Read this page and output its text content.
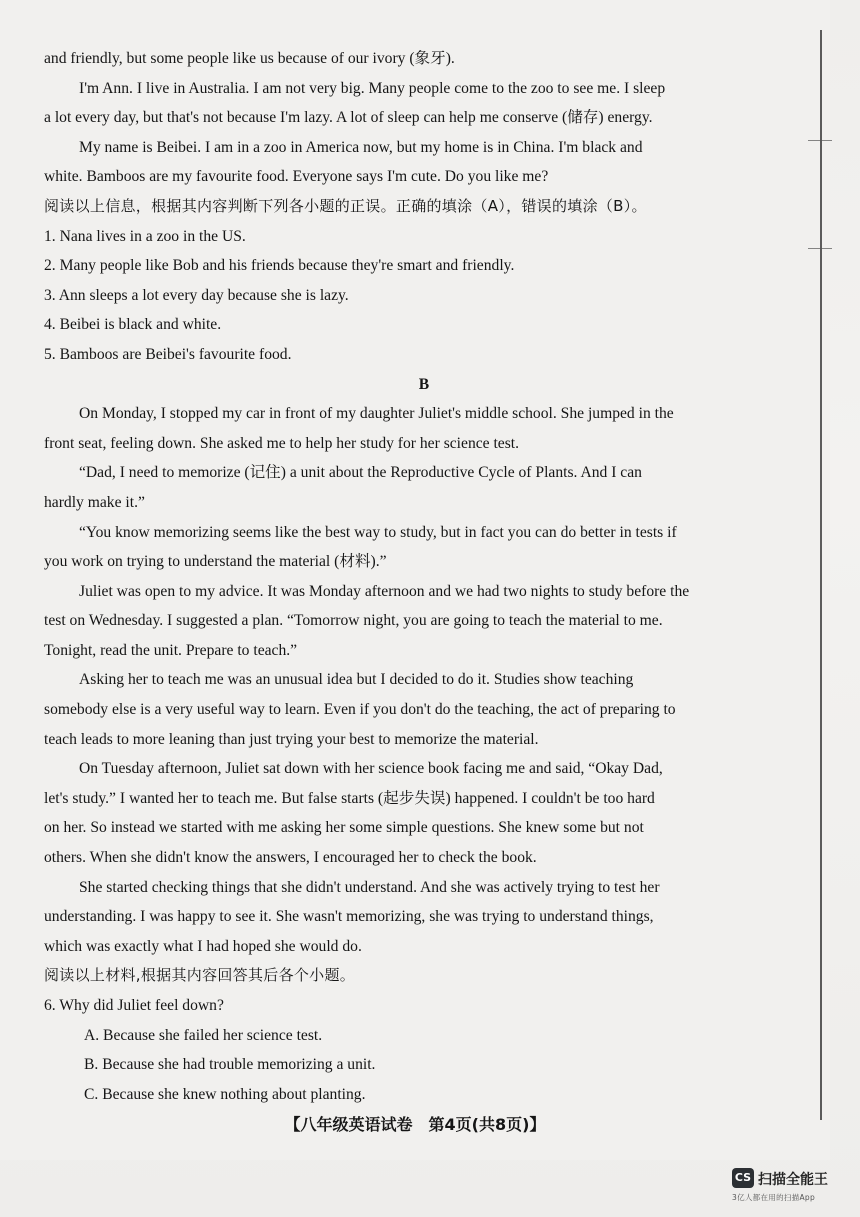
and friendly, but some people like us because of our ivory (象牙).

I'm Ann. I live in Australia. I am not very big. Many people come to the zoo to see me. I sleep

a lot every day, but that's not because I'm lazy. A lot of sleep can help me conserve (储存) energy.

My name is Beibei. I am in a zoo in America now, but my home is in China. I'm black and

white. Bamboos are my favourite food. Everyone says I'm cute. Do you like me?

阅读以上信息，根据其内容判断下列各小题的正误。正确的填涂（A），错误的填涂（B）。

1. Nana lives in a zoo in the US.

2. Many people like Bob and his friends because they're smart and friendly.

3. Ann sleeps a lot every day because she is lazy.

4. Beibei is black and white.

5. Bamboos are Beibei's favourite food.

B

On Monday, I stopped my car in front of my daughter Juliet's middle school. She jumped in the

front seat, feeling down. She asked me to help her study for her science test.

“Dad, I need to memorize (记住) a unit about the Reproductive Cycle of Plants. And I can

hardly make it.”

“You know memorizing seems like the best way to study, but in fact you can do better in tests if

you work on trying to understand the material (材料).”

Juliet was open to my advice. It was Monday afternoon and we had two nights to study before the

test on Wednesday. I suggested a plan. “Tomorrow night, you are going to teach the material to me.

Tonight, read the unit. Prepare to teach.”

Asking her to teach me was an unusual idea but I decided to do it. Studies show teaching

somebody else is a very useful way to learn. Even if you don't do the teaching, the act of preparing to

teach leads to more leaning than just trying your best to memorize the material.

On Tuesday afternoon, Juliet sat down with her science book facing me and said, “Okay Dad,

let's study.” I wanted her to teach me. But false starts (起步失误) happened. I couldn't be too hard

on her. So instead we started with me asking her some simple questions. She knew some but not

others. When she didn't know the answers, I encouraged her to check the book.

She started checking things that she didn't understand. And she was actively trying to test her

understanding. I was happy to see it. She wasn't memorizing, she was trying to understand things,

which was exactly what I had hoped she would do.

阅读以上材料,根据其内容回答其后各个小题。

6. Why did Juliet feel down?

A. Because she failed her science test.

B. Because she had trouble memorizing a unit.

C. Because she knew nothing about planting.

【八年级英语试卷　第4页(共8页)】
CS 扫描全能王
3亿人都在用的扫描App
